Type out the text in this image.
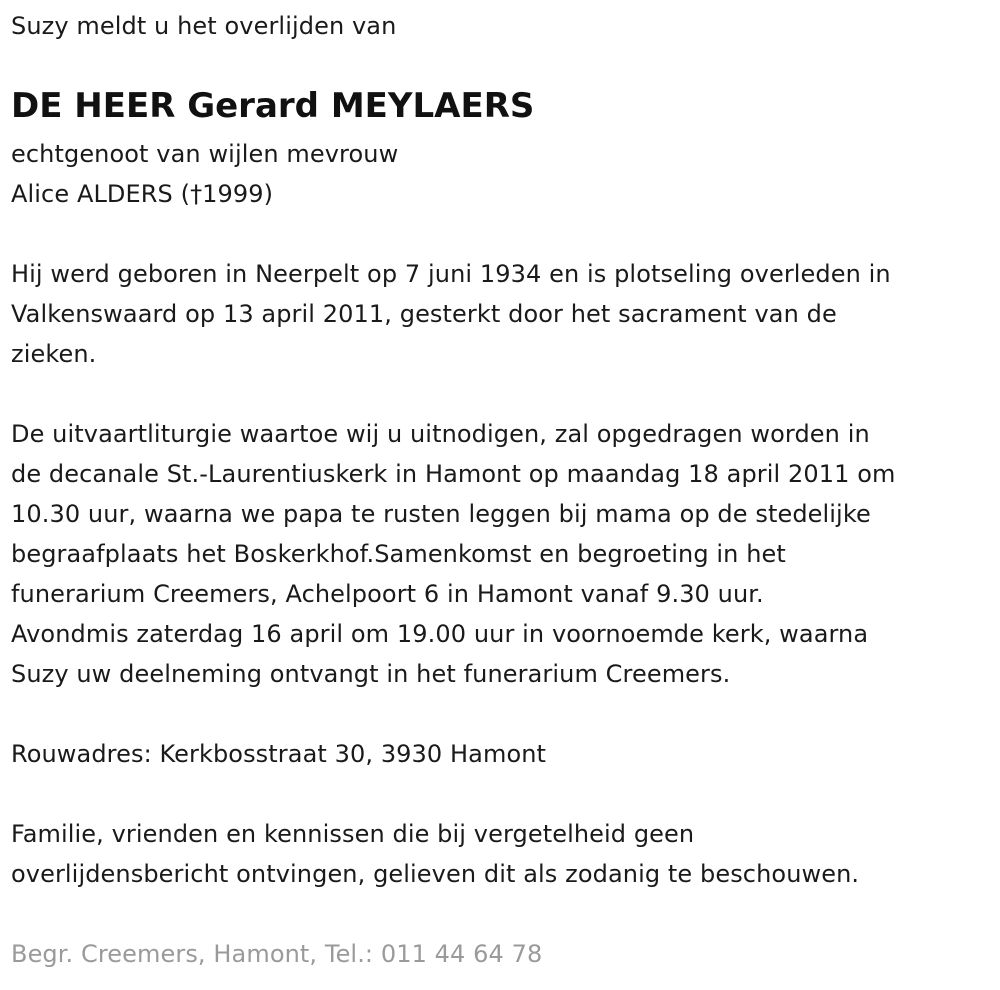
Suzy meldt u het overlijden van
DE HEER Gerard MEYLAERS
echtgenoot van wijlen mevrouw
Alice ALDERS (†1999)
Hij werd geboren in Neerpelt op 7 juni 1934 en is plotseling overleden in
Valkenswaard op 13 april 2011, gesterkt door het sacrament van de
zieken.
De uitvaartliturgie waartoe wij u uitnodigen, zal opgedragen worden in
de decanale St.-Laurentiuskerk in Hamont op maandag 18 april 2011 om
10.30 uur, waarna we papa te rusten leggen bij mama op de stedelijke
begraafplaats het Boskerkhof.Samenkomst en begroeting in het
funerarium Creemers, Achelpoort 6 in Hamont vanaf 9.30 uur.
Avondmis zaterdag 16 april om 19.00 uur in voornoemde kerk, waarna
Suzy uw deelneming ontvangt in het funerarium Creemers.
Rouwadres: Kerkbosstraat 30, 3930 Hamont
Familie, vrienden en kennissen die bij vergetelheid geen
overlijdensbericht ontvingen, gelieven dit als zodanig te beschouwen.
Begr. Creemers, Hamont, Tel.: 011 44 64 78
